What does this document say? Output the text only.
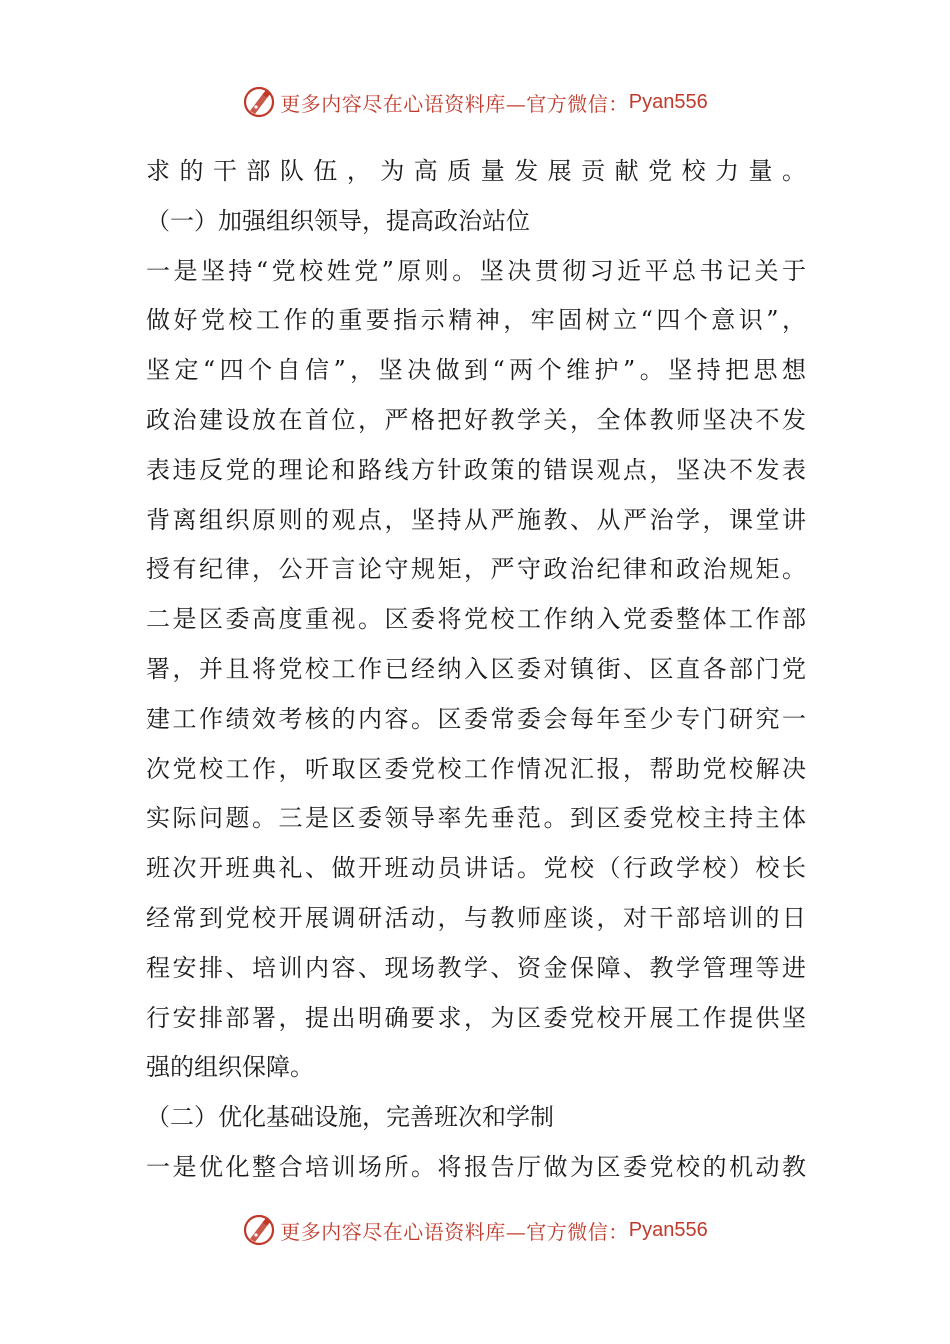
更多内容尽在心语资料库—官方微信： Pyan556
求的干部队伍，为高质量发展贡献党校力量。
（一）加强组织领导，提高政治站位
一是坚持“党校姓党”原则。坚决贯彻习近平总书记关于
做好党校工作的重要指示精神，牢固树立“四个意识”，
坚定“四个自信”，坚决做到“两个维护”。坚持把思想
政治建设放在首位，严格把好教学关，全体教师坚决不发
表违反党的理论和路线方针政策的错误观点，坚决不发表
背离组织原则的观点，坚持从严施教、从严治学，课堂讲
授有纪律，公开言论守规矩，严守政治纪律和政治规矩。
二是区委高度重视。区委将党校工作纳入党委整体工作部
署，并且将党校工作已经纳入区委对镇街、区直各部门党
建工作绩效考核的内容。区委常委会每年至少专门研究一
次党校工作，听取区委党校工作情况汇报，帮助党校解决
实际问题。三是区委领导率先垂范。到区委党校主持主体
班次开班典礼、做开班动员讲话。党校（行政学校）校长
经常到党校开展调研活动，与教师座谈，对干部培训的日
程安排、培训内容、现场教学、资金保障、教学管理等进
行安排部署，提出明确要求，为区委党校开展工作提供坚
强的组织保障。
（二）优化基础设施，完善班次和学制
一是优化整合培训场所。将报告厅做为区委党校的机动教
更多内容尽在心语资料库—官方微信： Pyan556
